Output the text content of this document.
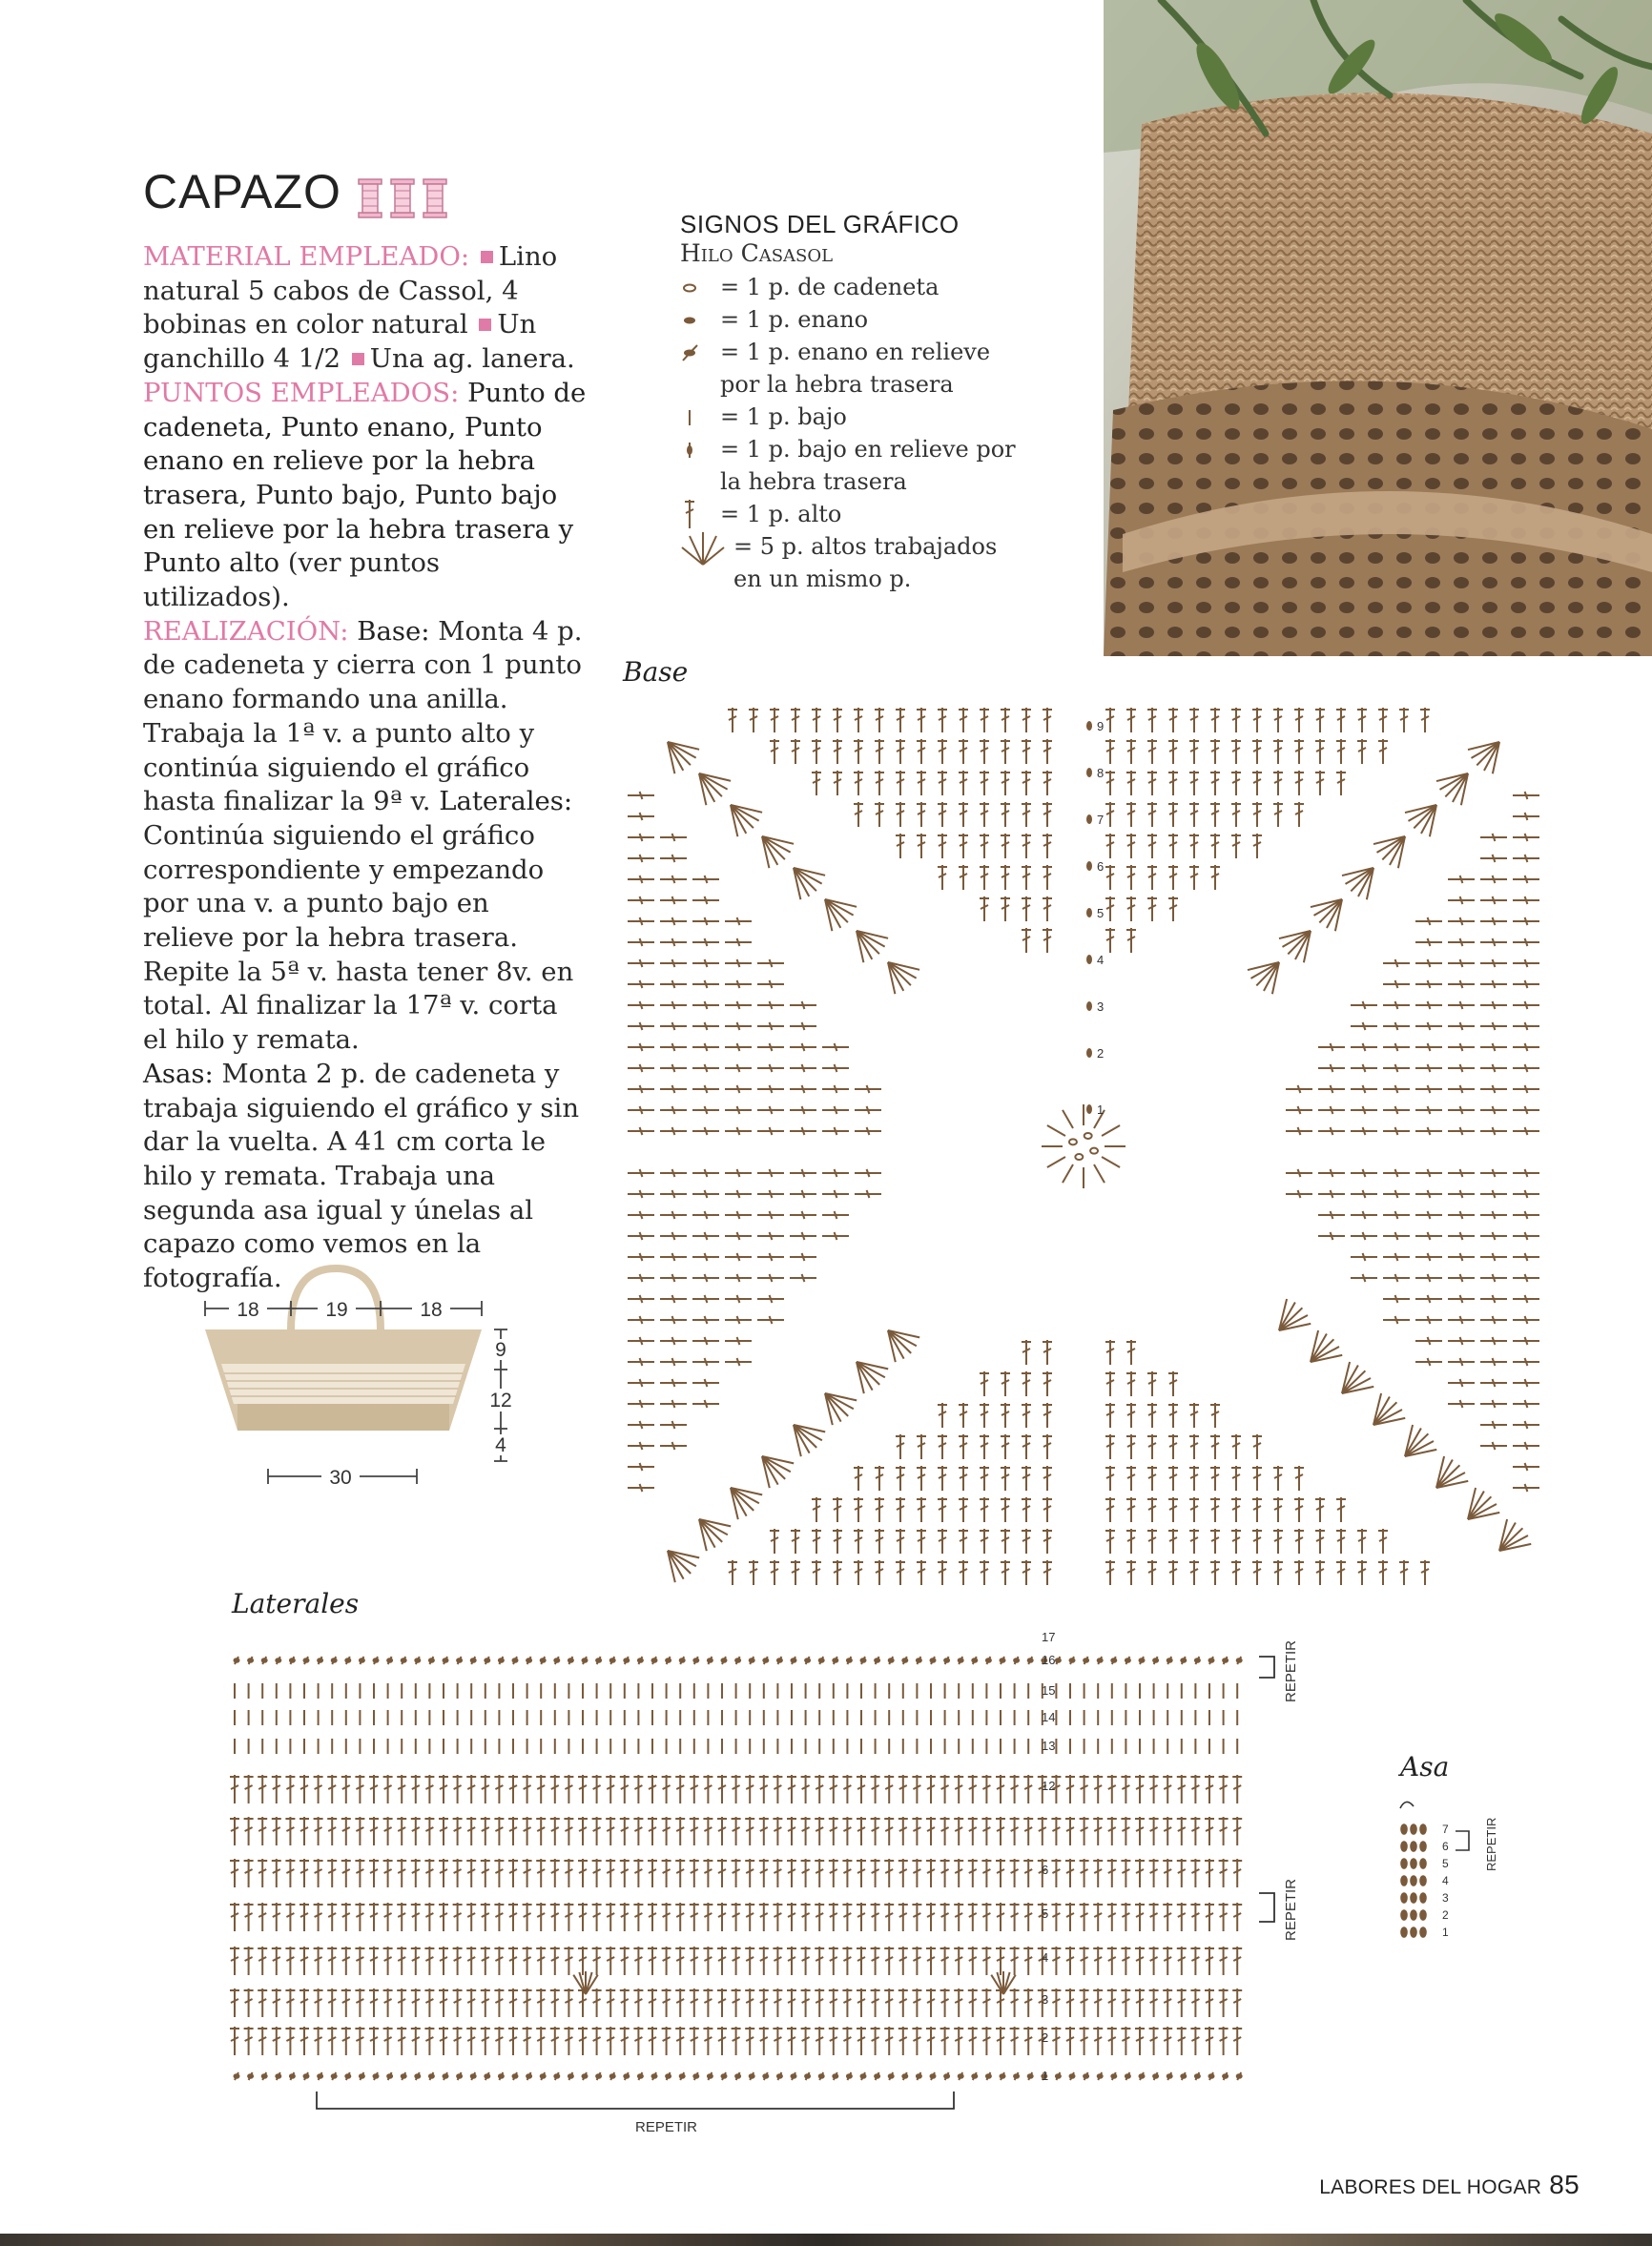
CAPAZO
MATERIAL EMPLEADO: Lino natural 5 cabos de Cassol, 4 bobinas en color natural Un ganchillo 4 1/2 Una ag. lanera.
PUNTOS EMPLEADOS: Punto de cadeneta, Punto enano, Punto enano en relieve por la hebra trasera, Punto bajo, Punto bajo en relieve por la hebra trasera y Punto alto (ver puntos utilizados).
REALIZACIÓN: Base: Monta 4 p. de cadeneta y cierra con 1 punto enano formando una anilla. Trabaja la 1ª v. a punto alto y continúa siguiendo el gráfico hasta finalizar la 9ª v. Laterales: Continúa siguiendo el gráfico correspondiente y empezando por una v. a punto bajo en relieve por la hebra trasera. Repite la 5ª v. hasta tener 8v. en total. Al finalizar la 17ª v. corta el hilo y remata.
Asas: Monta 2 p. de cadeneta y trabaja siguiendo el gráfico y sin dar la vuelta. A 41 cm corta le hilo y remata. Trabaja una segunda asa igual y únelas al capazo como vemos en la fotografía.
SIGNOS DEL GRÁFICO
Hilo Casasol
= 1 p. de cadeneta
= 1 p. enano
= 1 p. enano en relieve por la hebra trasera
= 1 p. bajo
= 1 p. bajo en relieve por la hebra trasera
= 1 p. alto
= 5 p. altos trabajados en un mismo p.
Base
1
2
3
4
5
6
7
8
9
18	19	18
30
9
12
4
Laterales
1
2
3
4
5
6
12
13
14
15
16
17
REPETIR
REPETIR
REPETIR
Asa
1
2
3
4
5
6
7	REPETIR
LABORES DEL HOGAR 85
